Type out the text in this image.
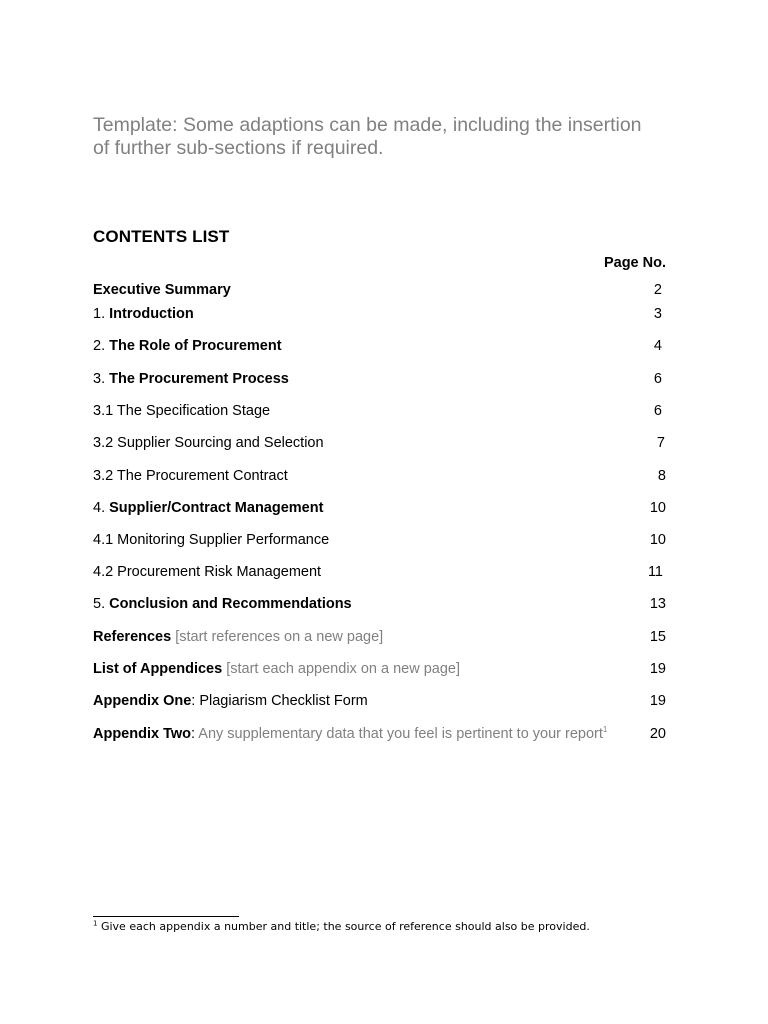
Template: Some adaptions can be made, including the insertion of further sub-sections if required.

CONTENTS LIST
Page No.
Executive Summary	2
1. Introduction	3
2. The Role of Procurement	4
3. The Procurement Process	6
3.1 The Specification Stage	6
3.2 Supplier Sourcing and Selection	7
3.2 The Procurement Contract	8
4. Supplier/Contract Management	10
4.1 Monitoring Supplier Performance	10
4.2 Procurement Risk Management	11
5. Conclusion and Recommendations	13
References [start references on a new page]	15
List of Appendices [start each appendix on a new page]	19
Appendix One: Plagiarism Checklist Form	19
Appendix Two: Any supplementary data that you feel is pertinent to your report$^1$	20
$^1$ Give each appendix a number and title; the source of reference should also be provided.
